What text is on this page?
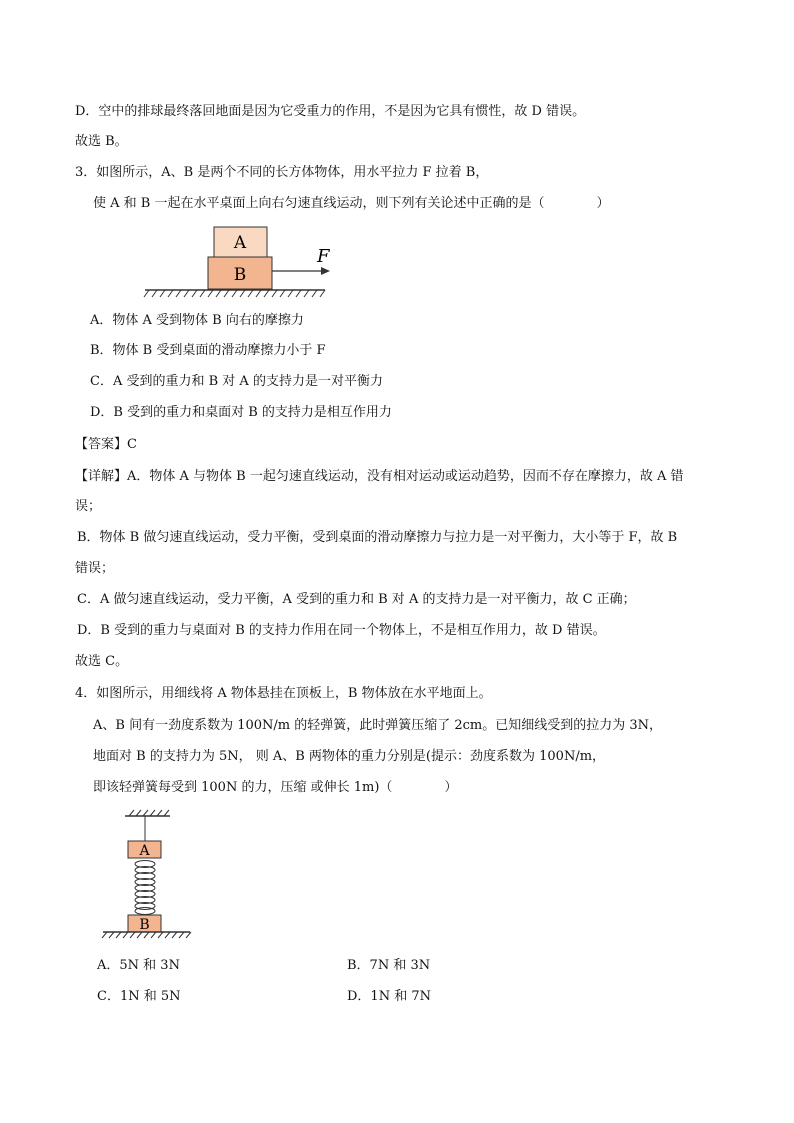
D．空中的排球最终落回地面是因为它受重力的作用，不是因为它具有惯性，故 D 错误。
故选 B。
3．如图所示，A、B 是两个不同的长方体物体，用水平拉力 F 拉着 B，
使 A 和 B 一起在水平桌面上向右匀速直线运动，则下列有关论述中正确的是（　　　　）
A
B
F
A．物体 A 受到物体 B 向右的摩擦力
B．物体 B 受到桌面的滑动摩擦力小于 F
C．A 受到的重力和 B 对 A 的支持力是一对平衡力
D．B 受到的重力和桌面对 B 的支持力是相互作用力
【答案】C
【详解】A．物体 A 与物体 B 一起匀速直线运动，没有相对运动或运动趋势，因而不存在摩擦力，故 A 错
误；
B．物体 B 做匀速直线运动，受力平衡，受到桌面的滑动摩擦力与拉力是一对平衡力，大小等于 F，故 B
错误；
C．A 做匀速直线运动，受力平衡，A 受到的重力和 B 对 A 的支持力是一对平衡力，故 C 正确；
D．B 受到的重力与桌面对 B 的支持力作用在同一个物体上，不是相互作用力，故 D 错误。
故选 C。
4．如图所示，用细线将 A 物体悬挂在顶板上，B 物体放在水平地面上。
A、B 间有一劲度系数为 100N/m 的轻弹簧，此时弹簧压缩了 2cm。已知细线受到的拉力为 3N，
地面对 B 的支持力为 5N， 则 A、B 两物体的重力分别是(提示：劲度系数为 100N/m，
即该轻弹簧每受到 100N 的力，压缩 或伸长 1m)（　　　　）
A
B
A．5N 和 3N	B．7N 和 3N
C．1N 和 5N	D．1N 和 7N
